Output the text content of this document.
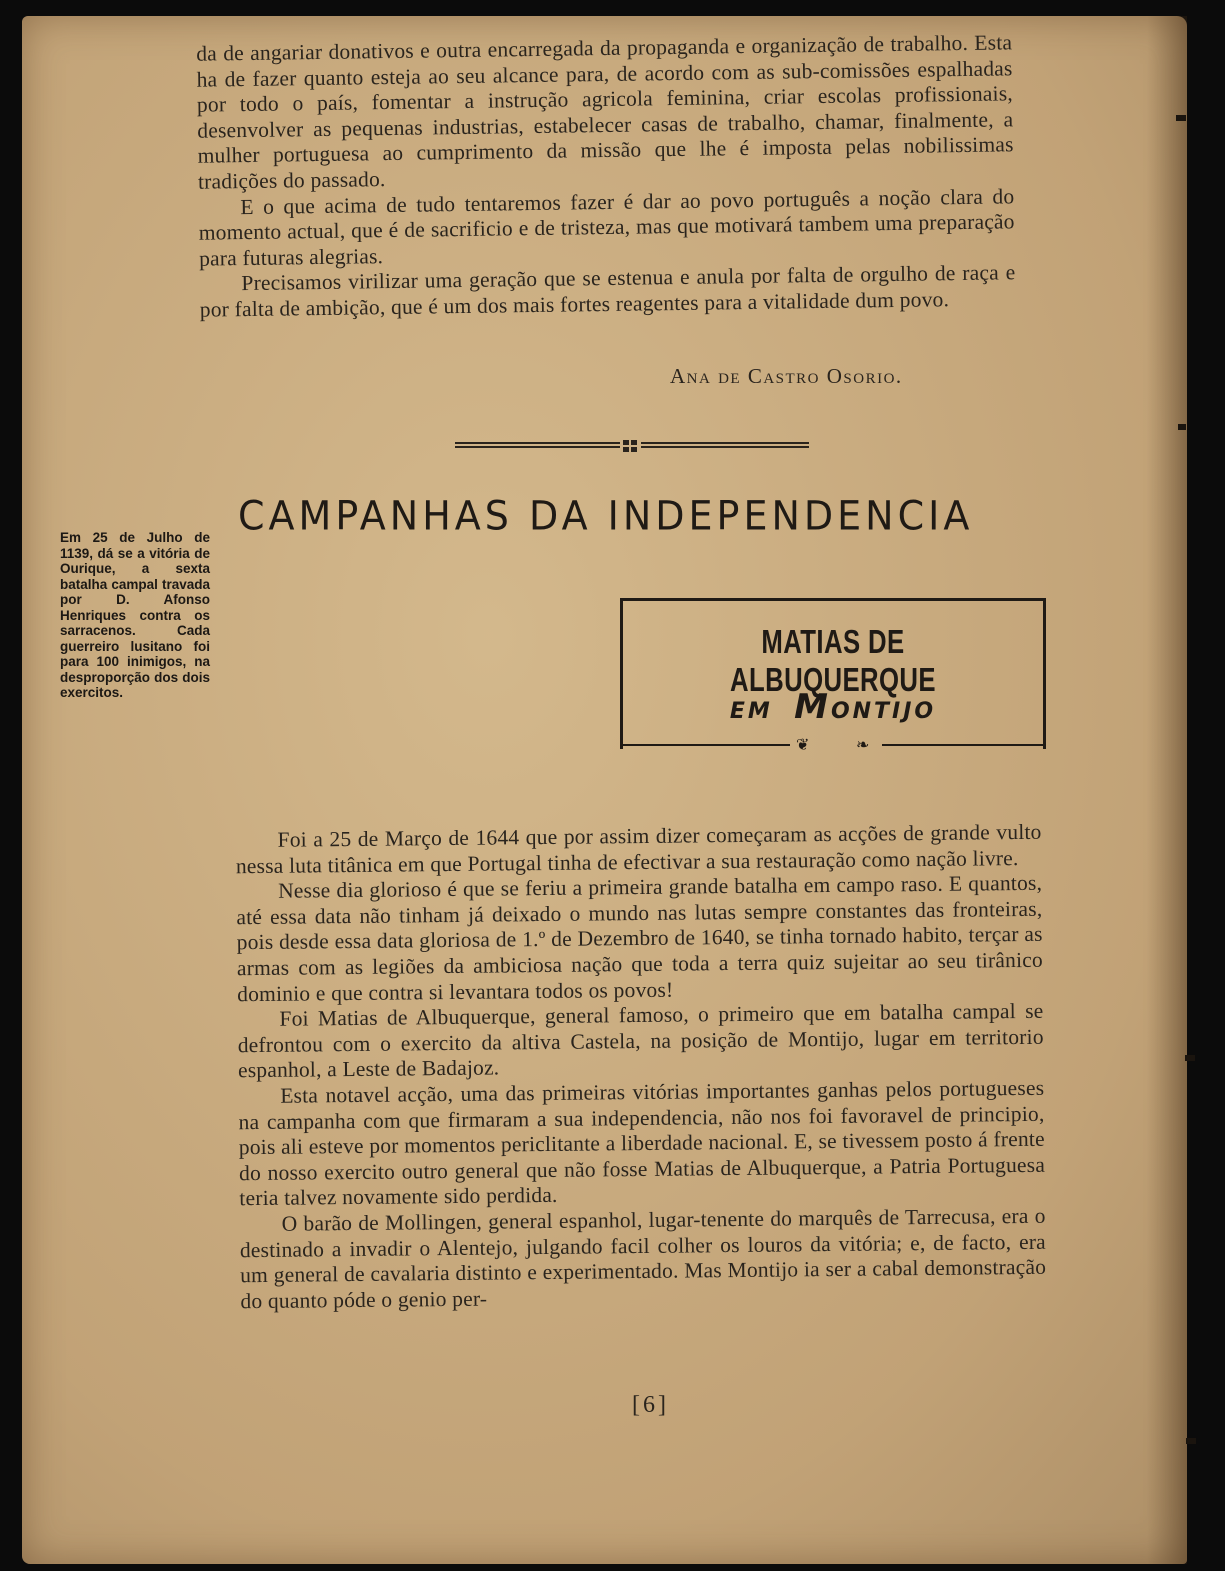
da de angariar donativos e outra encarregada da propaganda e organização de trabalho. Esta ha de fazer quanto esteja ao seu alcance para, de acordo com as sub-comissões espalhadas por todo o país, fomentar a instrução agricola feminina, criar escolas profissionais, desenvolver as pequenas industrias, estabelecer casas de trabalho, chamar, finalmente, a mulher portuguesa ao cumprimento da missão que lhe é imposta pelas nobilissimas tradições do passado.

E o que acima de tudo tentaremos fazer é dar ao povo português a noção clara do momento actual, que é de sacrificio e de tristeza, mas que motivará tambem uma preparação para futuras alegrias.

Precisamos virilizar uma geração que se estenua e anula por falta de orgulho de raça e por falta de ambição, que é um dos mais fortes reagentes para a vitalidade dum povo.

Ana de Castro Osorio.
Em 25 de Julho de 1139, dá se a vitória de Ourique, a sexta batalha campal travada por D. Afonso Henriques contra os sarracenos. Cada guerreiro lusitano foi para 100 inimigos, na desproporção dos dois exercitos.
CAMPANHAS DA INDEPENDENCIA
MATIAS DE ALBUQUERQUE
EM MONTIJO
❦	❧

Foi a 25 de Março de 1644 que por assim dizer começaram as acções de grande vulto nessa luta titânica em que Portugal tinha de efectivar a sua restauração como nação livre.

Nesse dia glorioso é que se feriu a primeira grande batalha em campo raso. E quantos, até essa data não tinham já deixado o mundo nas lutas sempre constantes das fronteiras, pois desde essa data gloriosa de 1.º de Dezembro de 1640, se tinha tornado habito, terçar as armas com as legiões da ambiciosa nação que toda a terra quiz sujeitar ao seu tirânico dominio e que contra si levantara todos os povos!

Foi Matias de Albuquerque, general famoso, o primeiro que em batalha campal se defrontou com o exercito da altiva Castela, na posição de Montijo, lugar em territorio espanhol, a Leste de Badajoz.

Esta notavel acção, uma das primeiras vitórias importantes ganhas pelos portugueses na campanha com que firmaram a sua independencia, não nos foi favoravel de principio, pois ali esteve por momentos periclitante a liberdade nacional. E, se tivessem posto á frente do nosso exercito outro general que não fosse Matias de Albuquerque, a Patria Portuguesa teria talvez novamente sido perdida.

O barão de Mollingen, general espanhol, lugar-tenente do marquês de Tarrecusa, era o destinado a invadir o Alentejo, julgando facil colher os louros da vitória; e, de facto, era um general de cavalaria distinto e experimentado. Mas Montijo ia ser a cabal demonstração do quanto póde o genio per-

[6]
